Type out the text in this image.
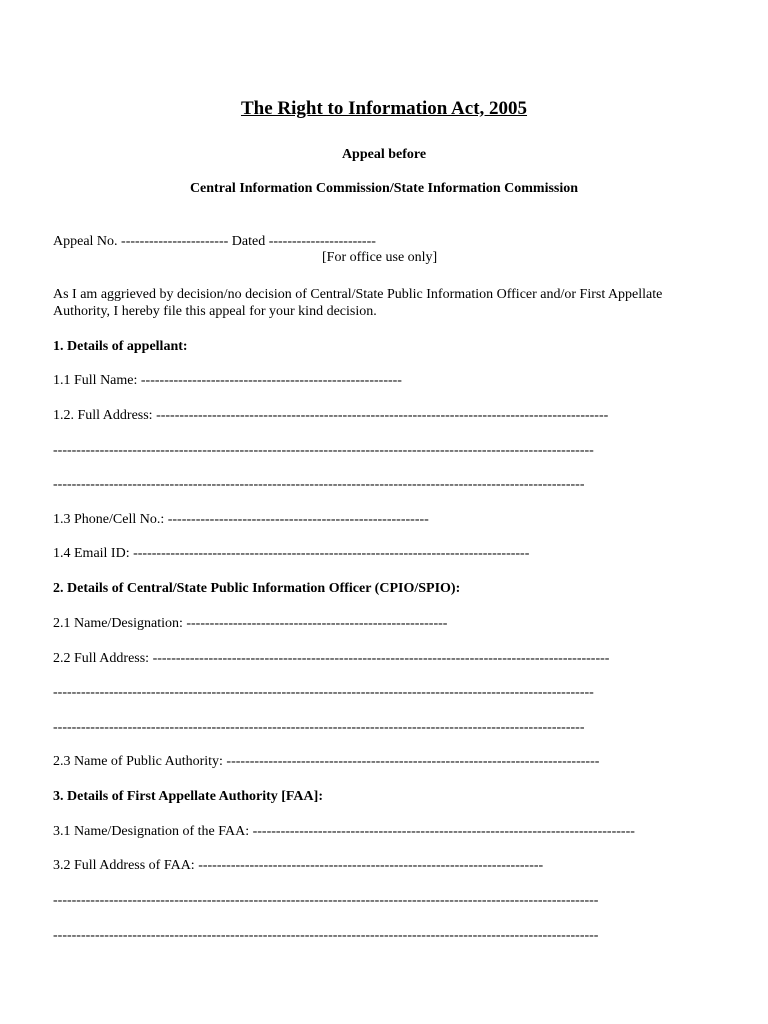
The Right to Information Act, 2005
Appeal before
Central Information Commission/State Information Commission
Appeal No. ----------------------- Dated -----------------------
[For office use only]
As I am aggrieved by decision/no decision of Central/State Public Information Officer and/or First Appellate Authority, I hereby file this appeal for your kind decision.
1. Details of appellant:
1.1 Full Name: --------------------------------------------------------
1.2. Full Address: -------------------------------------------------------------------------------------------------
--------------------------------------------------------------------------------------------------------------------
------------------------------------------------------------------------------------------------------------------
1.3 Phone/Cell No.: --------------------------------------------------------
1.4 Email ID: -------------------------------------------------------------------------------------
2. Details of Central/State Public Information Officer (CPIO/SPIO):
2.1 Name/Designation: --------------------------------------------------------
2.2 Full Address: --------------------------------------------------------------------------------------------------
--------------------------------------------------------------------------------------------------------------------
------------------------------------------------------------------------------------------------------------------
2.3 Name of Public Authority: --------------------------------------------------------------------------------
3. Details of First Appellate Authority [FAA]:
3.1 Name/Designation of the FAA: ----------------------------------------------------------------------------------
3.2 Full Address of FAA: --------------------------------------------------------------------------
---------------------------------------------------------------------------------------------------------------------
---------------------------------------------------------------------------------------------------------------------
